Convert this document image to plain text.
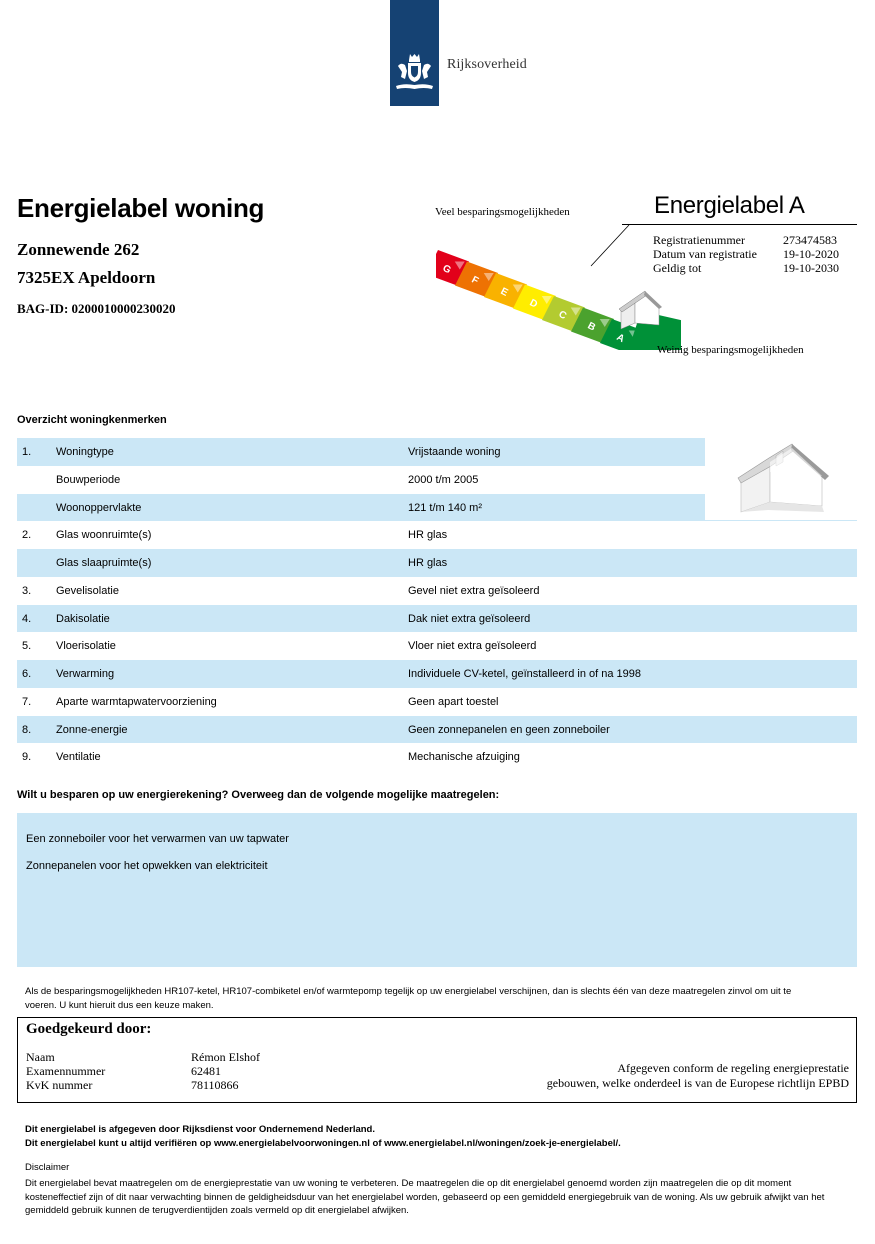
Rijksoverheid
Energielabel woning
Zonnewende 262
7325EX Apeldoorn
BAG-ID: 0200010000230020
Veel besparingsmogelijkheden
G
F
E
D
C
B
A
Weinig besparingsmogelijkheden
Energielabel A
Registratienummer	273474583
Datum van registratie 19-10-2020
Geldig tot	19-10-2030
Overzicht woningkenmerken
1. Woningtype	Vrijstaande woning
Bouwperiode	2000 t/m 2005
Woonoppervlakte	121 t/m 140 m²
2. Glas woonruimte(s)	HR glas
Glas slaapruimte(s)	HR glas
3. Gevelisolatie	Gevel niet extra geïsoleerd
4. Dakisolatie	Dak niet extra geïsoleerd
5. Vloerisolatie	Vloer niet extra geïsoleerd
6. Verwarming	Individuele CV-ketel, geïnstalleerd in of na 1998
7. Aparte warmtapwatervoorziening	Geen apart toestel
8. Zonne-energie	Geen zonnepanelen en geen zonneboiler
9. Ventilatie	Mechanische afzuiging
Wilt u besparen op uw energierekening? Overweeg dan de volgende mogelijke maatregelen:
Een zonneboiler voor het verwarmen van uw tapwater
Zonnepanelen voor het opwekken van elektriciteit
Als de besparingsmogelijkheden HR107-ketel, HR107-combiketel en/of warmtepomp tegelijk op uw energielabel verschijnen, dan is slechts één van deze maatregelen zinvol om uit te voeren. U kunt hieruit dus een keuze maken.
Goedgekeurd door:
Naam	Rémon Elshof
Examennummer	62481
KvK nummer	78110866
Afgegeven conform de regeling energieprestatie
gebouwen, welke onderdeel is van de Europese richtlijn EPBD
Dit energielabel is afgegeven door Rijksdienst voor Ondernemend Nederland.
Dit energielabel kunt u altijd verifiëren op www.energielabelvoorwoningen.nl of www.energielabel.nl/woningen/zoek-je-energielabel/.
Disclaimer
Dit energielabel bevat maatregelen om de energieprestatie van uw woning te verbeteren. De maatregelen die op dit energielabel genoemd worden zijn maatregelen die op dit moment kosteneffectief zijn of dit naar verwachting binnen de geldigheidsduur van het energielabel worden, gebaseerd op een gemiddeld energiegebruik van de woning. Als uw gebruik afwijkt van het gemiddeld gebruik kunnen de terugverdientijden zoals vermeld op dit energielabel afwijken.
